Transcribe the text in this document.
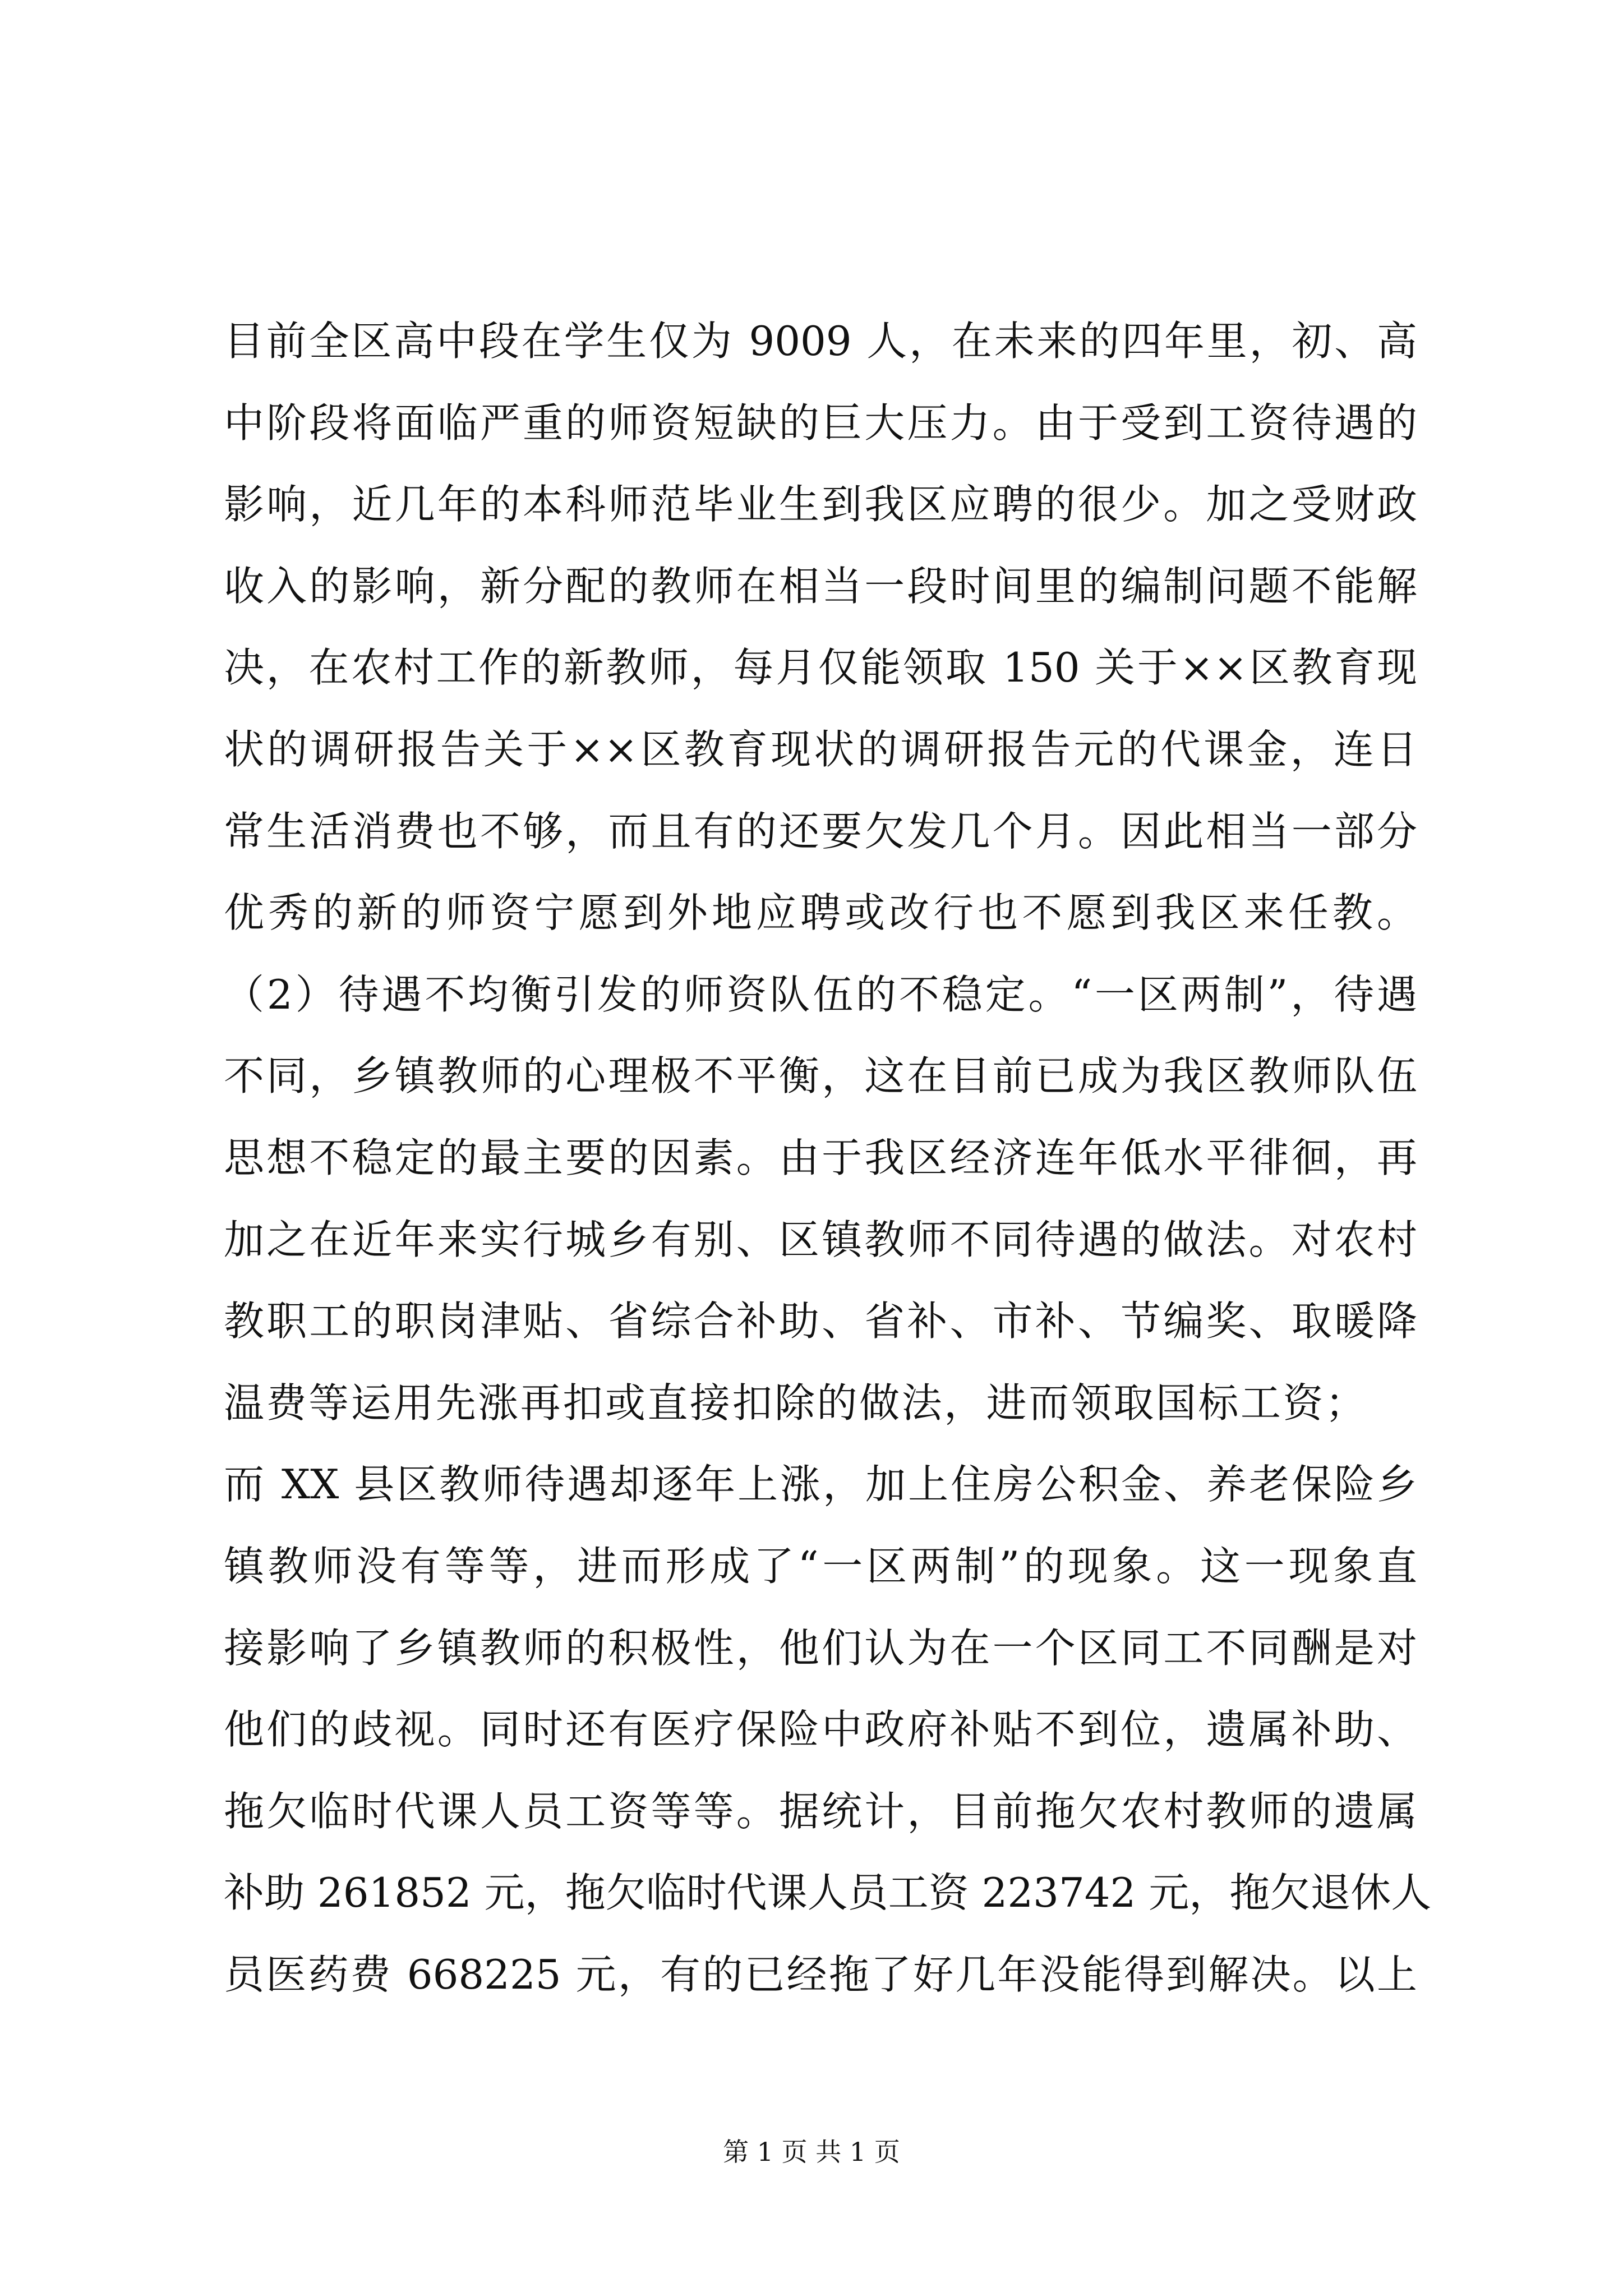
目前全区高中段在学生仅为 9009 人，在未来的四年里，初、高
中阶段将面临严重的师资短缺的巨大压力。由于受到工资待遇的
影响，近几年的本科师范毕业生到我区应聘的很少。加之受财政
收入的影响，新分配的教师在相当一段时间里的编制问题不能解
决，在农村工作的新教师，每月仅能领取 150 关于××区教育现
状的调研报告关于××区教育现状的调研报告元的代课金，连日
常生活消费也不够，而且有的还要欠发几个月。因此相当一部分
优秀的新的师资宁愿到外地应聘或改行也不愿到我区来任教。
（2）待遇不均衡引发的师资队伍的不稳定。“一区两制”，待遇
不同，乡镇教师的心理极不平衡，这在目前已成为我区教师队伍
思想不稳定的最主要的因素。由于我区经济连年低水平徘徊，再
加之在近年来实行城乡有别、区镇教师不同待遇的做法。对农村
教职工的职岗津贴、省综合补助、省补、市补、节编奖、取暖降
温费等运用先涨再扣或直接扣除的做法，进而领取国标工资；
而 XX 县区教师待遇却逐年上涨，加上住房公积金、养老保险乡
镇教师没有等等，进而形成了“一区两制”的现象。这一现象直
接影响了乡镇教师的积极性，他们认为在一个区同工不同酬是对
他们的歧视。同时还有医疗保险中政府补贴不到位，遗属补助、
拖欠临时代课人员工资等等。据统计，目前拖欠农村教师的遗属
补助 261852 元，拖欠临时代课人员工资 223742 元，拖欠退休人
员医药费 668225 元，有的已经拖了好几年没能得到解决。以上
第 1 页 共 1 页
